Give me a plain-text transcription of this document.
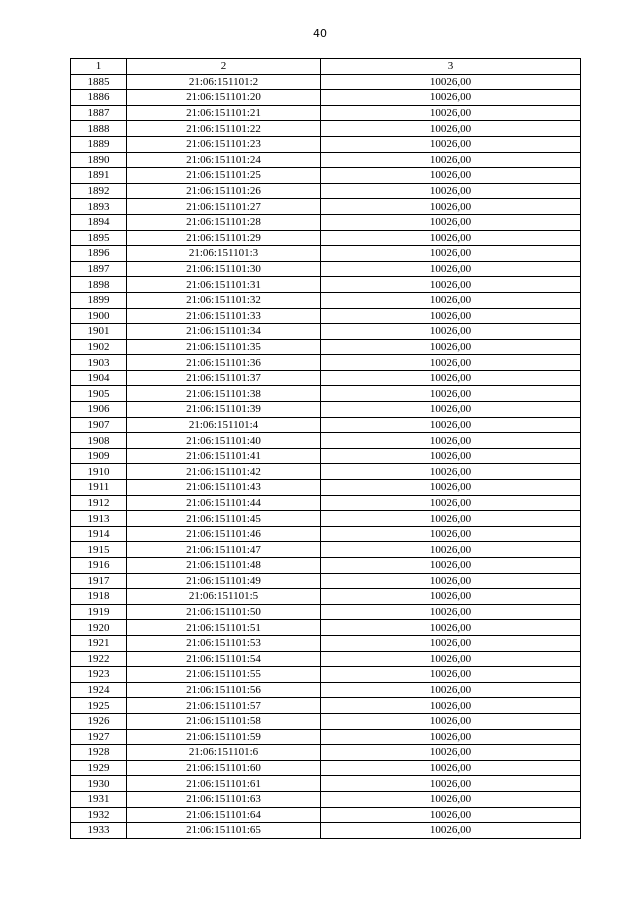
40
1	2	3
1885	21:06:151101:2	10026,00
1886	21:06:151101:20	10026,00
1887	21:06:151101:21	10026,00
1888	21:06:151101:22	10026,00
1889	21:06:151101:23	10026,00
1890	21:06:151101:24	10026,00
1891	21:06:151101:25	10026,00
1892	21:06:151101:26	10026,00
1893	21:06:151101:27	10026,00
1894	21:06:151101:28	10026,00
1895	21:06:151101:29	10026,00
1896	21:06:151101:3	10026,00
1897	21:06:151101:30	10026,00
1898	21:06:151101:31	10026,00
1899	21:06:151101:32	10026,00
1900	21:06:151101:33	10026,00
1901	21:06:151101:34	10026,00
1902	21:06:151101:35	10026,00
1903	21:06:151101:36	10026,00
1904	21:06:151101:37	10026,00
1905	21:06:151101:38	10026,00
1906	21:06:151101:39	10026,00
1907	21:06:151101:4	10026,00
1908	21:06:151101:40	10026,00
1909	21:06:151101:41	10026,00
1910	21:06:151101:42	10026,00
1911	21:06:151101:43	10026,00
1912	21:06:151101:44	10026,00
1913	21:06:151101:45	10026,00
1914	21:06:151101:46	10026,00
1915	21:06:151101:47	10026,00
1916	21:06:151101:48	10026,00
1917	21:06:151101:49	10026,00
1918	21:06:151101:5	10026,00
1919	21:06:151101:50	10026,00
1920	21:06:151101:51	10026,00
1921	21:06:151101:53	10026,00
1922	21:06:151101:54	10026,00
1923	21:06:151101:55	10026,00
1924	21:06:151101:56	10026,00
1925	21:06:151101:57	10026,00
1926	21:06:151101:58	10026,00
1927	21:06:151101:59	10026,00
1928	21:06:151101:6	10026,00
1929	21:06:151101:60	10026,00
1930	21:06:151101:61	10026,00
1931	21:06:151101:63	10026,00
1932	21:06:151101:64	10026,00
1933	21:06:151101:65	10026,00
